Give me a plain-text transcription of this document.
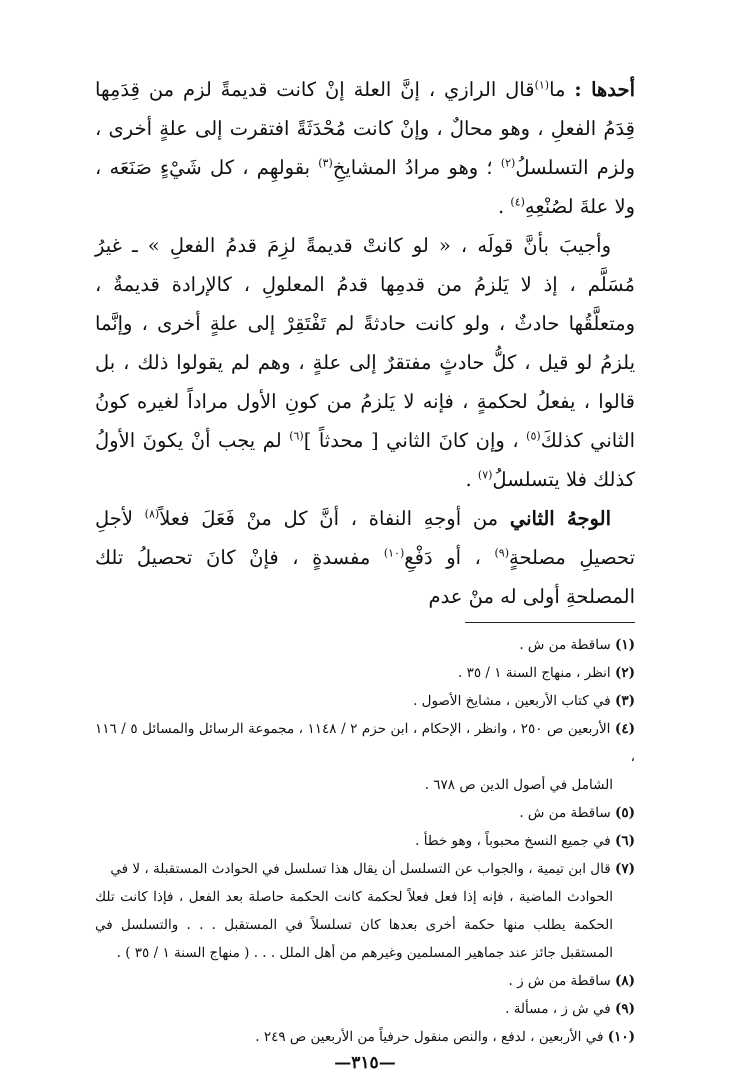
أحدها : ما$^{(١)}$قال الرازي ، إنَّ العلة إنْ كانت قديمةً لزم من قِدَمِها قِدَمُ الفعلِ ، وهو محالٌ ، وإنْ كانت مُحْدَثَةً افتقرت إلى علةٍ أخرى ، ولزم التسلسلُ$^{(٢)}$ ؛ وهو مرادُ المشايخِ$^{(٣)}$ بقولهِم ، كل شَيْءٍ صَنَعَه ، ولا علةَ لصُنْعِهِ$^{(٤)}$ .

وأجيبَ بأنَّ قولَه ، « لو كانتْ قديمةً لزِمَ قدمُ الفعلِ » ـ غيرُ مُسَلَّم ، إذ لا يَلزمُ من قدمِها قدمُ المعلولِ ، كالإرادة قديمةٌ ، ومتعلَّقُها حادثٌ ، ولو كانت حادثةً لم تَفْتَقِرْ إلى علةٍ أخرى ، وإنَّما يلزمُ لو قيل ، كلُّ حادثٍ مفتقرٌ إلى علةٍ ، وهم لم يقولوا ذلك ، بل قالوا ، يفعلُ لحكمةٍ ، فإنه لا يَلزمُ من كونِ الأول مراداً لغيره كونُ الثاني كذلكَ$^{(٥)}$ ، وإن كانَ الثاني [ محدثاً ]$^{(٦)}$ لم يجب أنْ يكونَ الأولُ كذلك فلا يتسلسلُ$^{(٧)}$ .

الوجهُ الثاني من أوجهِ النفاة ، أنَّ كل منْ فَعَلَ فعلاً$^{(٨)}$ لأجلِ تحصيلِ مصلحةٍ$^{(٩)}$ ، أو دَفْعِ$^{(١٠)}$ مفسدةٍ ، فإنْ كانَ تحصيلُ تلك المصلحةِ أولى له منْ عدم

(١) ساقطة من ش .

(٢) انظر ، منهاج السنة ١ / ٣٥ .

(٣) في كتاب الأربعين ، مشايخ الأصول .

(٤) الأربعين ص ٢٥٠ ، وانظر ، الإحكام ، ابن حزم ٢ / ١١٤٨ ، مجموعة الرسائل والمسائل ٥ / ١١٦ ،
الشامل في أصول الدين ص ٦٧٨ .

(٥) ساقطة من ش .

(٦) في جميع النسخ محبوباً ، وهو خطأ .

(٧) قال ابن تيمية ، والجواب عن التسلسل أن يقال هذا تسلسل في الحوادث المستقبلة ، لا في
الحوادث الماضية ، فإنه إذا فعل فعلاً لحكمة كانت الحكمة حاصلة بعد الفعل ، فإذا كانت تلك الحكمة يطلب منها حكمة أخرى بعدها كان تسلسلاً في المستقبل . . . والتسلسل في المستقبل جائز عند جماهير المسلمين وغيرهم من أهل الملل . . . ( منهاج السنة ١ / ٣٥ ) .

(٨) ساقطة من ش ز .

(٩) في ش ز ، مسألة .

(١٠) في الأربعين ، لدفع ، والنص منقول حرفياً من الأربعين ص ٢٤٩ .

—٣١٥—
